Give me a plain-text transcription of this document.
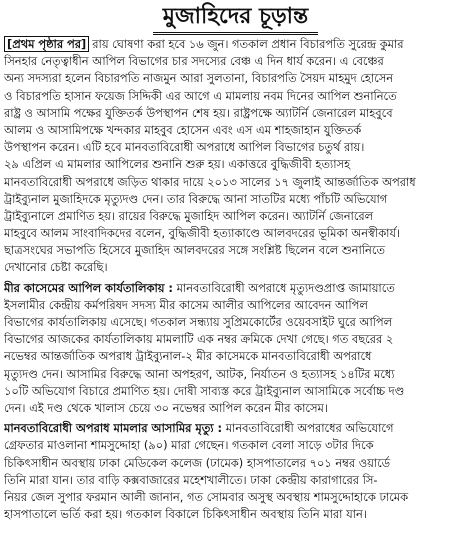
মুজাহিদের চূড়ান্ত
[প্রথম পৃষ্ঠার পর] রায় ঘোষণা করা হবে ১৬ জুন। গতকাল প্রধান বিচারপতি সুরেন্দ্র কুমার
সিনহার নেতৃত্বাধীন আপিল বিভাগের চার সদস্যের বেঞ্চ এ দিন ধার্য করেন। এ বেঞ্চের
অন্য সদস্যরা হলেন বিচারপতি নাজমুন আরা সুলতানা, বিচারপতি সৈয়দ মাহমুদ হোসেন
ও বিচারপতি হাসান ফয়েজ সিদ্দিকী এর আগে এ মামলায় নবম দিনের আপিল শুনানিতে
রাষ্ট্র ও আসামি পক্ষের যুক্তিতর্ক উপস্থাপন শেষ হয়। রাষ্ট্রপক্ষে অ্যাটর্নি জেনারেল মাহবুবে
আলম ও আসামিপক্ষে খন্দকার মাহবুব হোসেন এবং এস এম শাহজাহান যুক্তিতর্ক
উপস্থাপন করেন। এটি হবে মানবতাবিরোধী অপরাধে আপিল বিভাগের চতুর্থ রায়।
২৯ এপ্রিল এ মামলার আপিলের শুনানি শুরু হয়। একাত্তরে বুদ্ধিজীবী হত্যাসহ
মানবতাবিরোধী অপরাধে জড়িত থাকার দায়ে ২০১৩ সালের ১৭ জুলাই আন্তর্জাতিক অপরাধ
ট্রাইব্যুনাল মুজাহিদকে মৃত্যুদণ্ড দেন। তার বিরুদ্ধে আনা সাতটির মধ্যে পাঁচটি অভিযোগ
ট্রাইব্যুনালে প্রমাণিত হয়। রায়ের বিরুদ্ধে মুজাহিদ আপিল করেন। অ্যাটর্নি জেনারেল
মাহবুবে আলম সাংবাদিকদের বলেন, বুদ্ধিজীবী হত্যাকাণ্ডে আলবদরের ভূমিকা অনস্বীকার্য।
ছাত্রসংঘের সভাপতি হিসেবে মুজাহিদ আলবদরের সঙ্গে সংশ্লিষ্ট ছিলেন বলে শুনানিতে
দেখানোর চেষ্টা করেছি।
মীর কাসেমের আপিল কার্যতালিকায় : মানবতাবিরোধী অপরাধে মৃত্যুদণ্ডপ্রাপ্ত জামায়াতে
ইসলামীর কেন্দ্রীয় কর্মপরিষদ সদস্য মীর কাসেম আলীর আপিলের আবেদন আপিল
বিভাগের কার্যতালিকায় এসেছে। গতকাল সন্ধ্যায় সুপ্রিমকোর্টের ওয়েবসাইট ঘুরে আপিল
বিভাগের আজকের কার্যতালিকায় মামলাটি এক নম্বর ক্রমিকে দেখা গেছে। গত বছরের ২
নভেম্বর আন্তর্জাতিক অপরাধ ট্রাইব্যুনাল-২ মীর কাসেমকে মানবতাবিরোধী অপরাধে
মৃত্যুদণ্ড দেন। আসামির বিরুদ্ধে আনা অপহরণ, আটক, নির্যাতন ও হত্যাসহ ১৪টির মধ্যে
১০টি অভিযোগ বিচারে প্রমাণিত হয়। দোষী সাব্যস্ত করে ট্রাইব্যুনাল আসামিকে সর্বোচ্চ দণ্ড
দেন। এই দণ্ড থেকে খালাস চেয়ে ৩০ নভেম্বর আপিল করেন মীর কাসেম।
মানবতাবিরোধী অপরাধ মামলার আসামির মৃত্যু : মানবতাবিরোধী অপরাধের অভিযোগে
গ্রেফতার মাওলানা শামসুদ্দোহা (৯০) মারা গেছেন। গতকাল বেলা সাড়ে ৩টার দিকে
চিকিৎসাধীন অবস্থায় ঢাকা মেডিকেল কলেজ (ঢামেক) হাসপাতালের ৭০১ নম্বর ওয়ার্ডে
তিনি মারা যান। তার বাড়ি কক্সবাজারের মহেশখালীতে। ঢাকা কেন্দ্রীয় কারাগারের সি-
নিয়র জেল সুপার ফরমান আলী জানান, গত সোমবার অসুস্থ অবস্থায় শামসুদ্দোহাকে ঢামেক
হাসপাতালে ভর্তি করা হয়। গতকাল বিকালে চিকিৎসাধীন অবস্থায় তিনি মারা যান।
